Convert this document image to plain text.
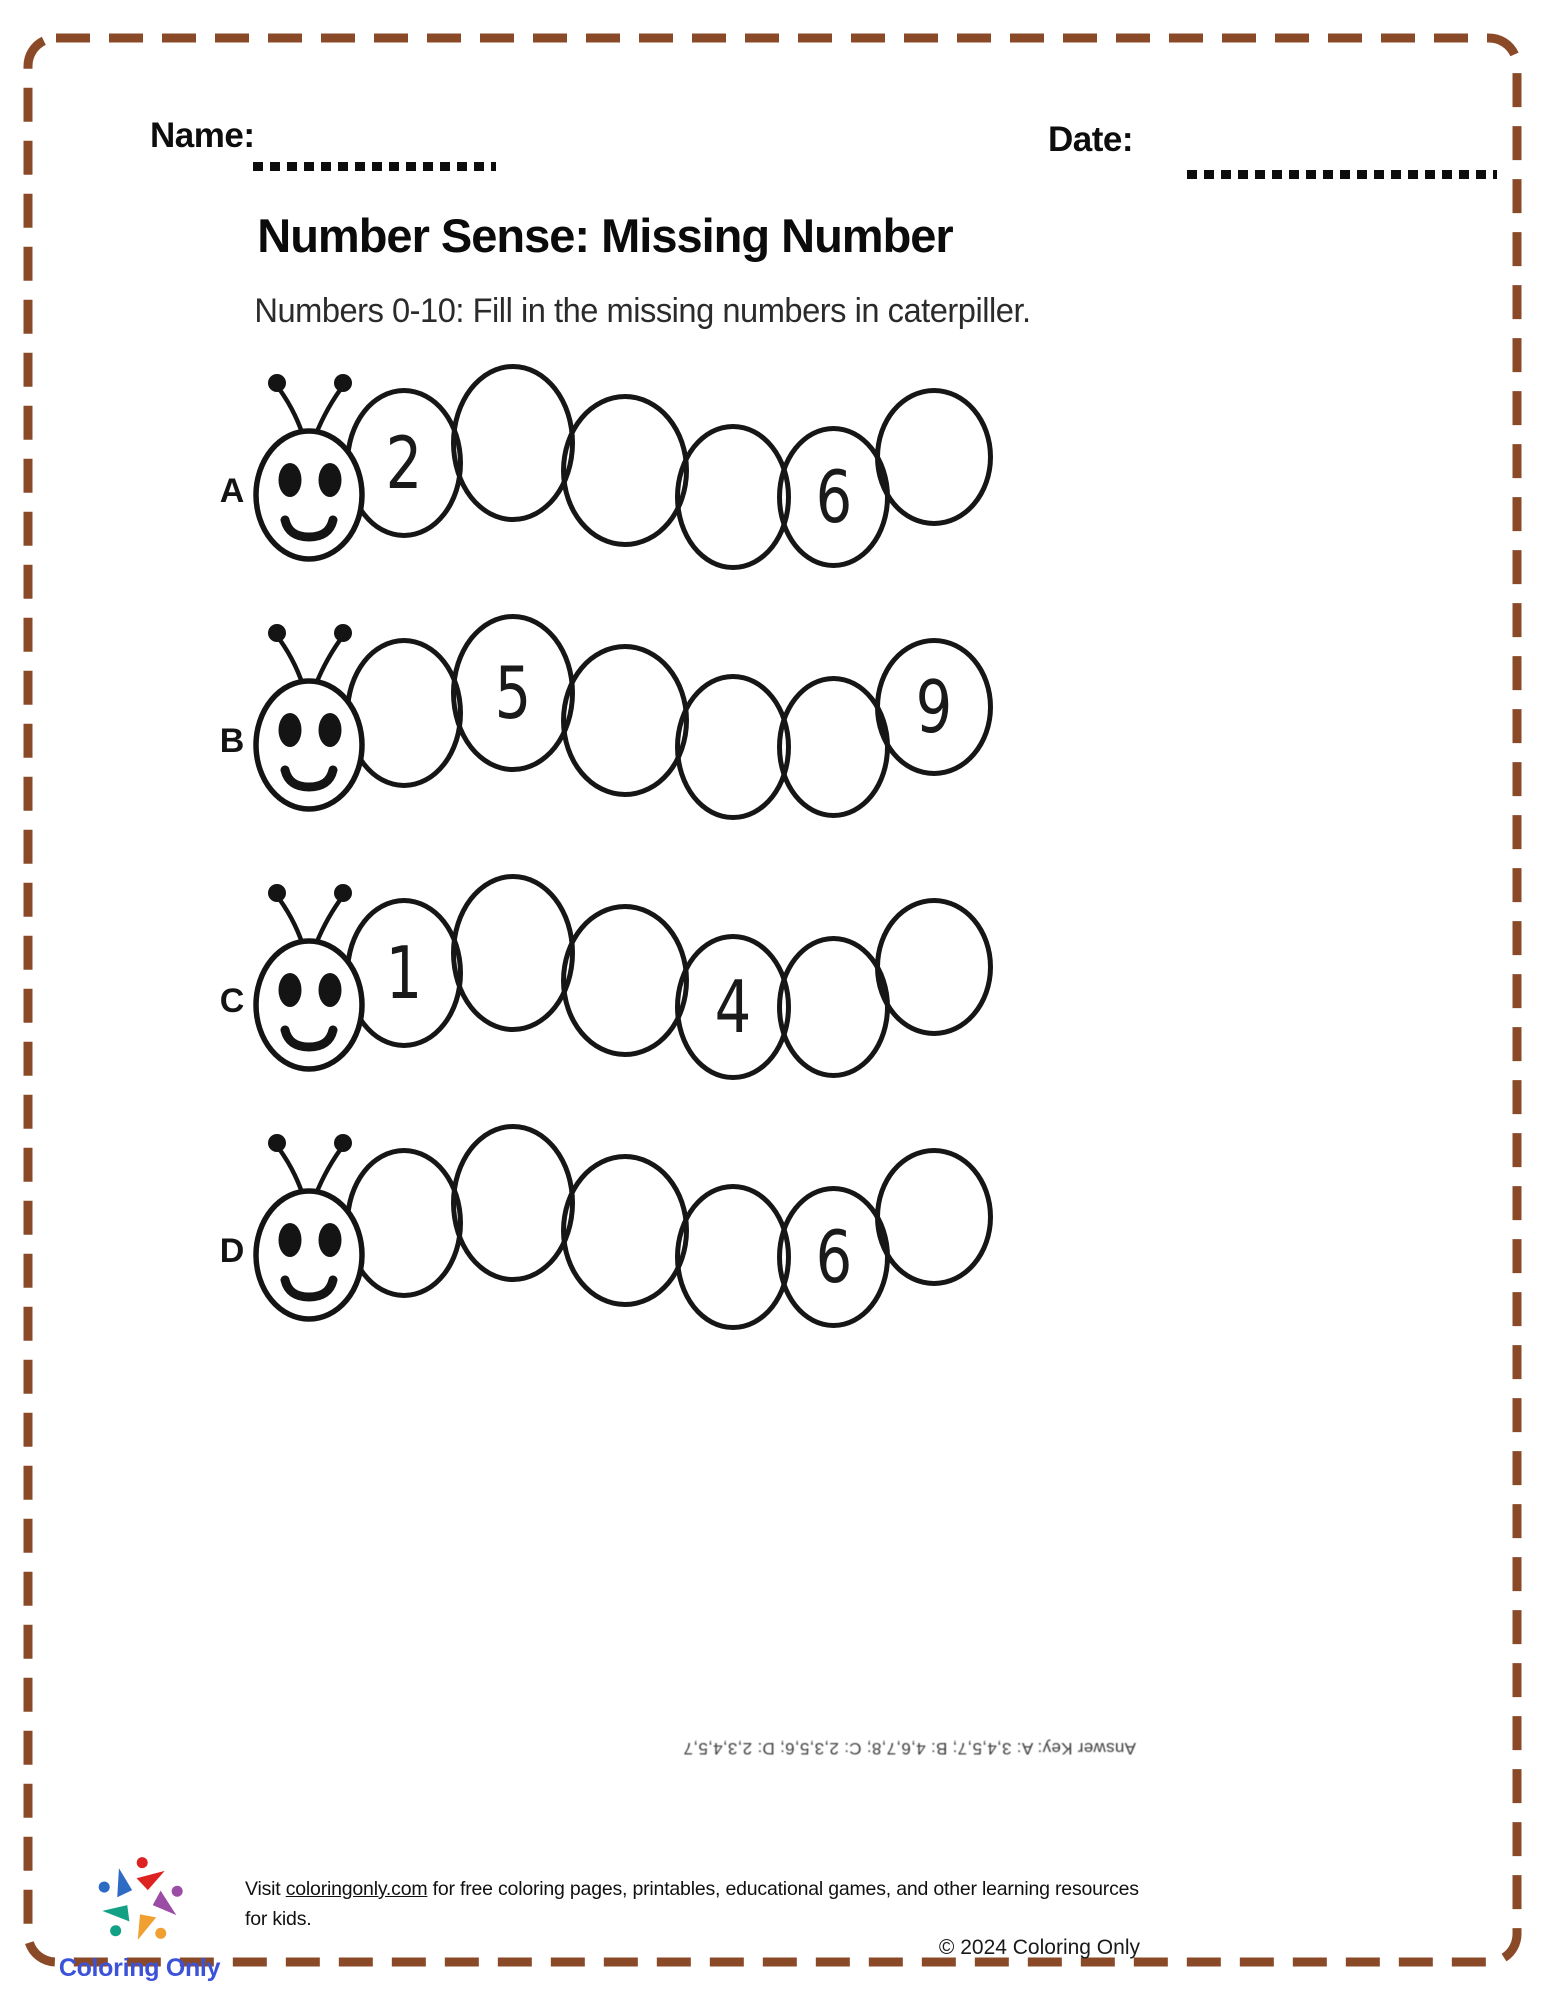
Name:	Date:
Number Sense: Missing Number

Numbers 0-10: Fill in the missing numbers in caterpiller.

A 2	6
B
5	9
C 1	4
D	6
Answer Key: A: 3,4,5,7; B: 4,6,7,8; C: 2,3,5,6; D: 2,3,4,5,7
Coloring Only

Visit coloringonly.com for free coloring pages, printables, educational games, and other learning resources for kids.

© 2024 Coloring Only
